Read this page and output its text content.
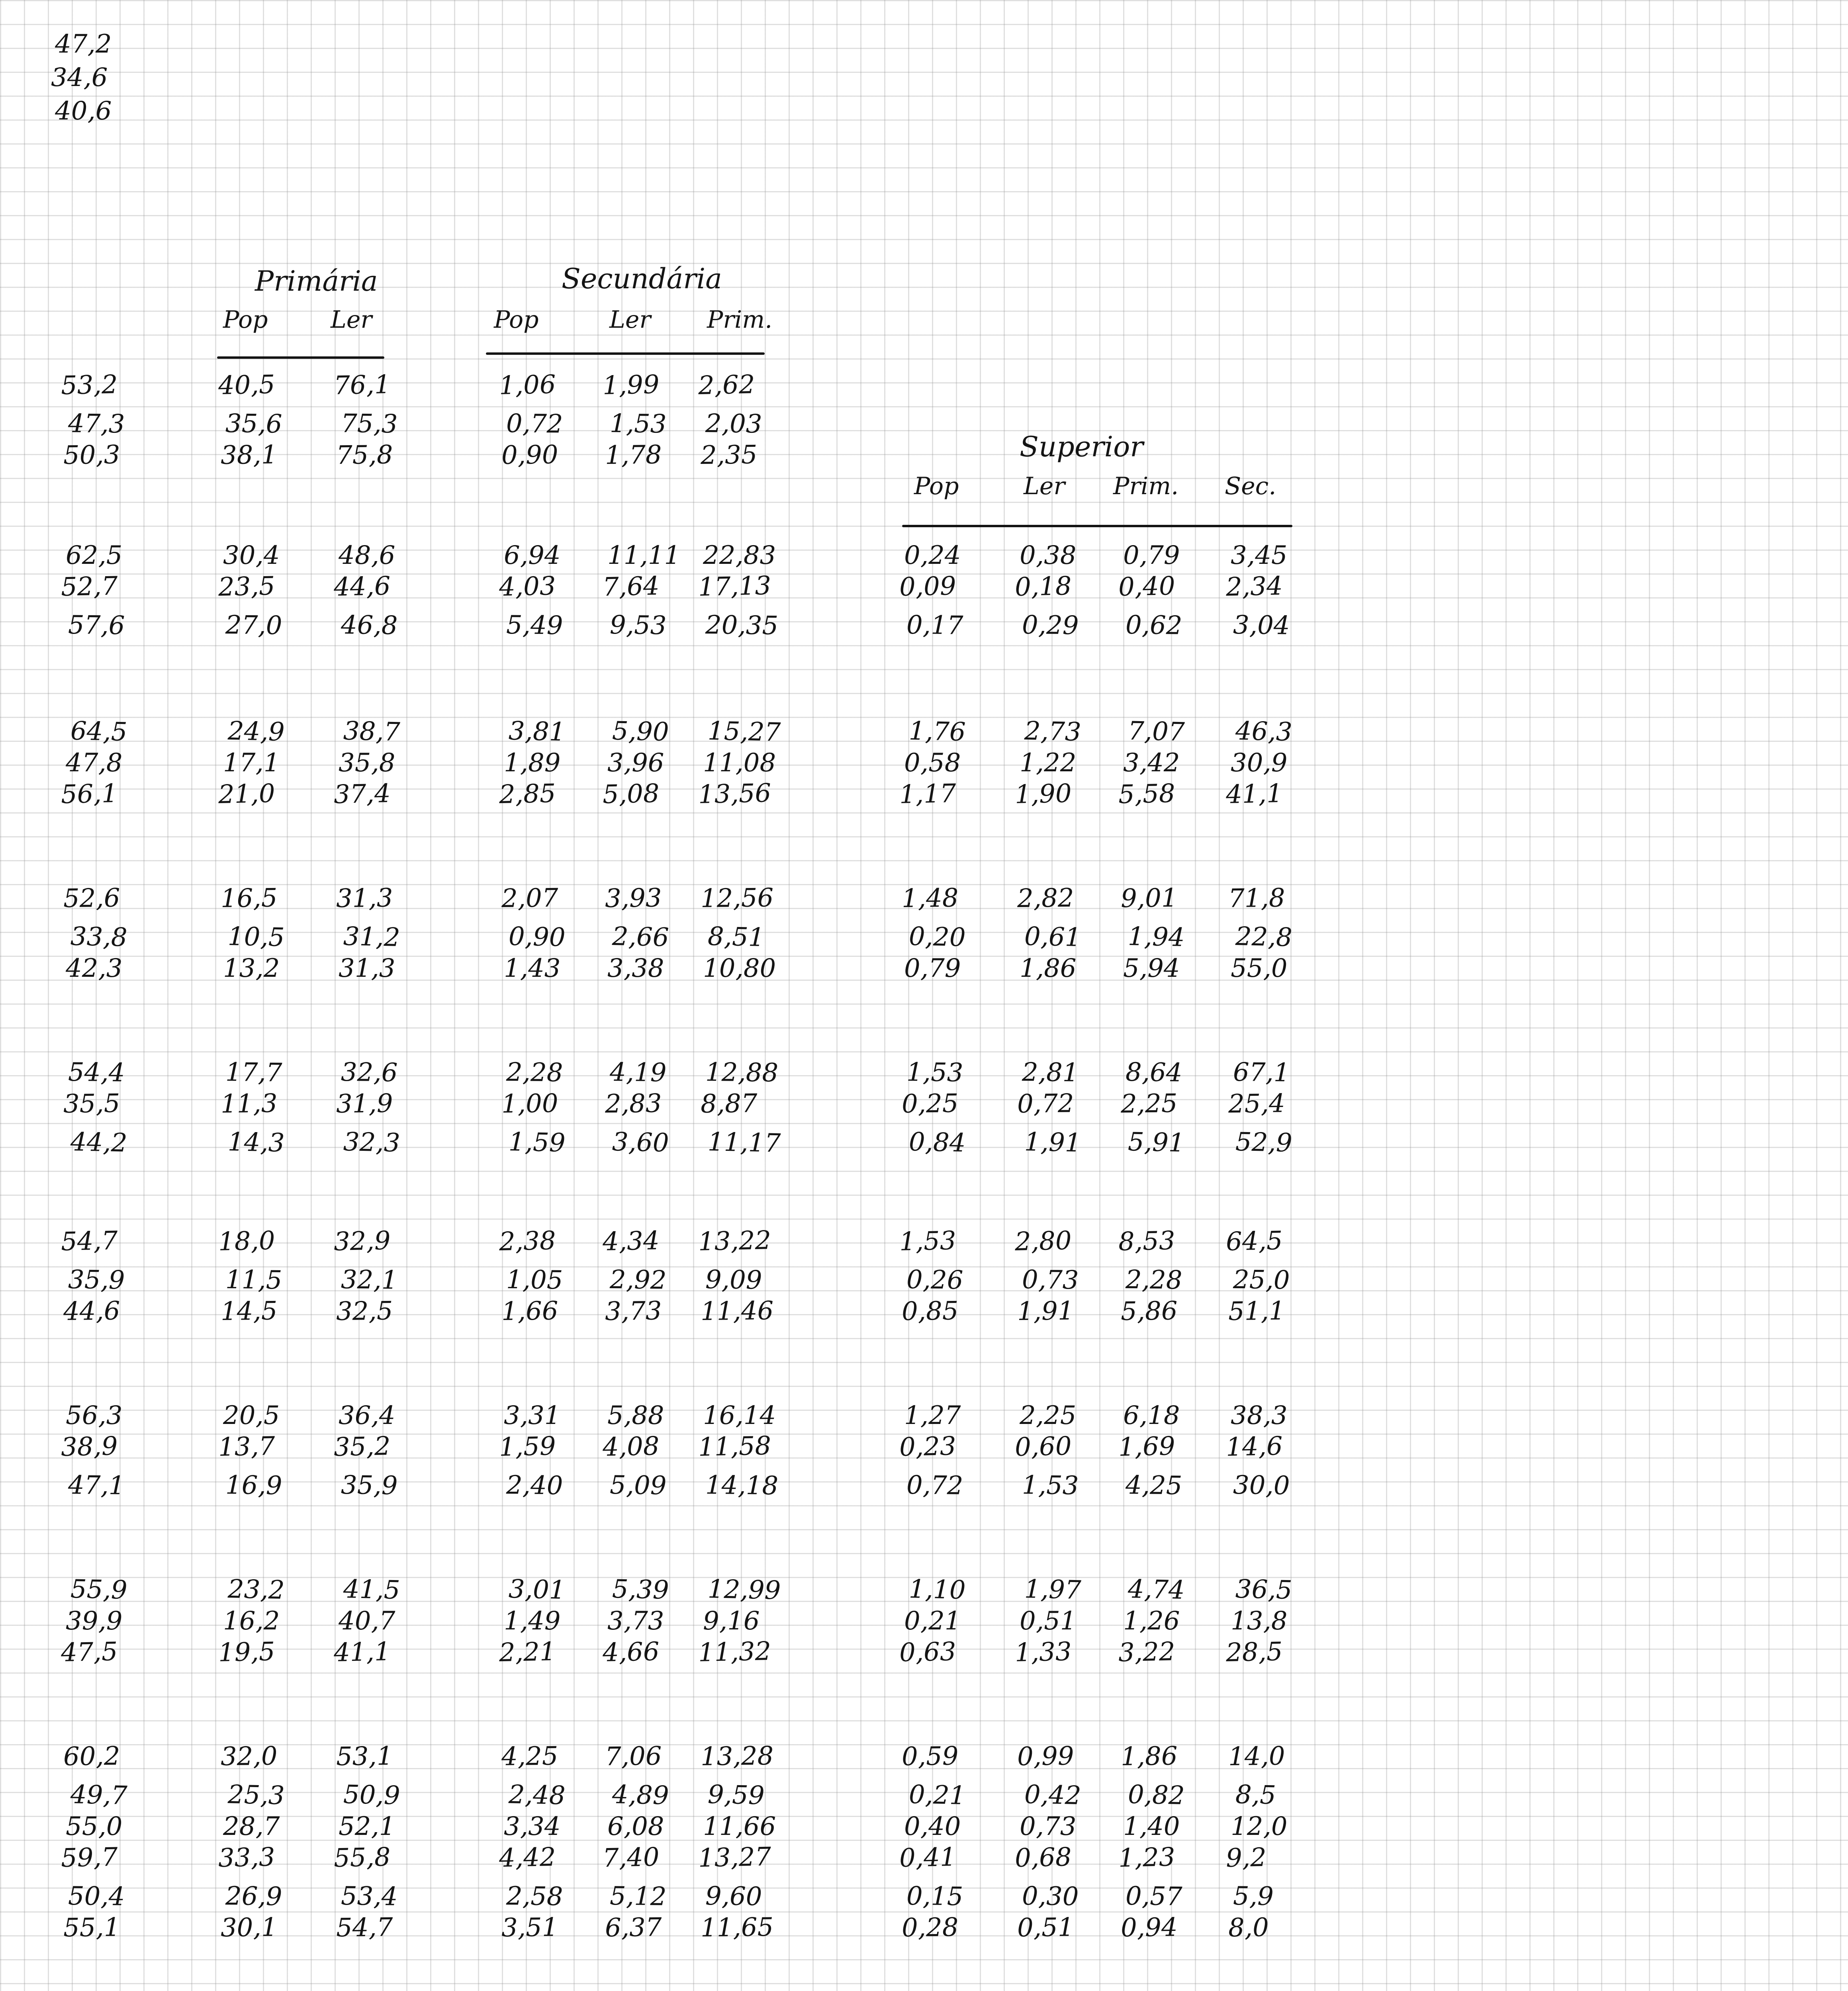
47,2
34,6
40,6
Primária
Pop	Ler
Secundária
Pop	Ler Prim.
Superior
Pop	Ler Prim. Sec.
53,2	40,5 76,1	1,06 1,99 2,62
47,3	35,6 75,3	0,72 1,53 2,03
50,3	38,1 75,8	0,90 1,78 2,35
62,5	30,4 48,6	6,94 11,11 22,83	0,24 0,38 0,79 3,45
52,7	23,5 44,6	4,03 7,64 17,13	0,09 0,18 0,40 2,34
57,6	27,0 46,8	5,49 9,53 20,35	0,17 0,29 0,62 3,04
64,5	24,9 38,7	3,81 5,90 15,27	1,76 2,73 7,07 46,3
47,8	17,1 35,8	1,89 3,96 11,08	0,58 1,22 3,42 30,9
56,1	21,0 37,4	2,85 5,08 13,56	1,17 1,90 5,58 41,1
52,6	16,5 31,3	2,07 3,93 12,56	1,48 2,82 9,01 71,8
33,8	10,5 31,2	0,90 2,66 8,51	0,20 0,61 1,94 22,8
42,3	13,2 31,3	1,43 3,38 10,80	0,79 1,86 5,94 55,0
54,4	17,7 32,6	2,28 4,19 12,88	1,53 2,81 8,64 67,1
35,5	11,3 31,9	1,00 2,83 8,87	0,25 0,72 2,25 25,4
44,2	14,3 32,3	1,59 3,60 11,17	0,84 1,91 5,91 52,9
54,7	18,0 32,9	2,38 4,34 13,22	1,53 2,80 8,53 64,5
35,9	11,5 32,1	1,05 2,92 9,09	0,26 0,73 2,28 25,0
44,6	14,5 32,5	1,66 3,73 11,46	0,85 1,91 5,86 51,1
56,3	20,5 36,4	3,31 5,88 16,14	1,27 2,25 6,18 38,3
38,9	13,7 35,2	1,59 4,08 11,58	0,23 0,60 1,69 14,6
47,1	16,9 35,9	2,40 5,09 14,18	0,72 1,53 4,25 30,0
55,9	23,2 41,5	3,01 5,39 12,99	1,10 1,97 4,74 36,5
39,9	16,2 40,7	1,49 3,73 9,16	0,21 0,51 1,26 13,8
47,5	19,5 41,1	2,21 4,66 11,32	0,63 1,33 3,22 28,5
60,2	32,0 53,1	4,25 7,06 13,28	0,59 0,99 1,86 14,0
49,7	25,3 50,9	2,48 4,89 9,59	0,21 0,42 0,82 8,5
55,0	28,7 52,1	3,34 6,08 11,66	0,40 0,73 1,40 12,0
59,7	33,3 55,8	4,42 7,40 13,27	0,41 0,68 1,23 9,2
50,4	26,9 53,4	2,58 5,12 9,60	0,15 0,30 0,57 5,9
55,1	30,1 54,7	3,51 6,37 11,65	0,28 0,51 0,94 8,0
